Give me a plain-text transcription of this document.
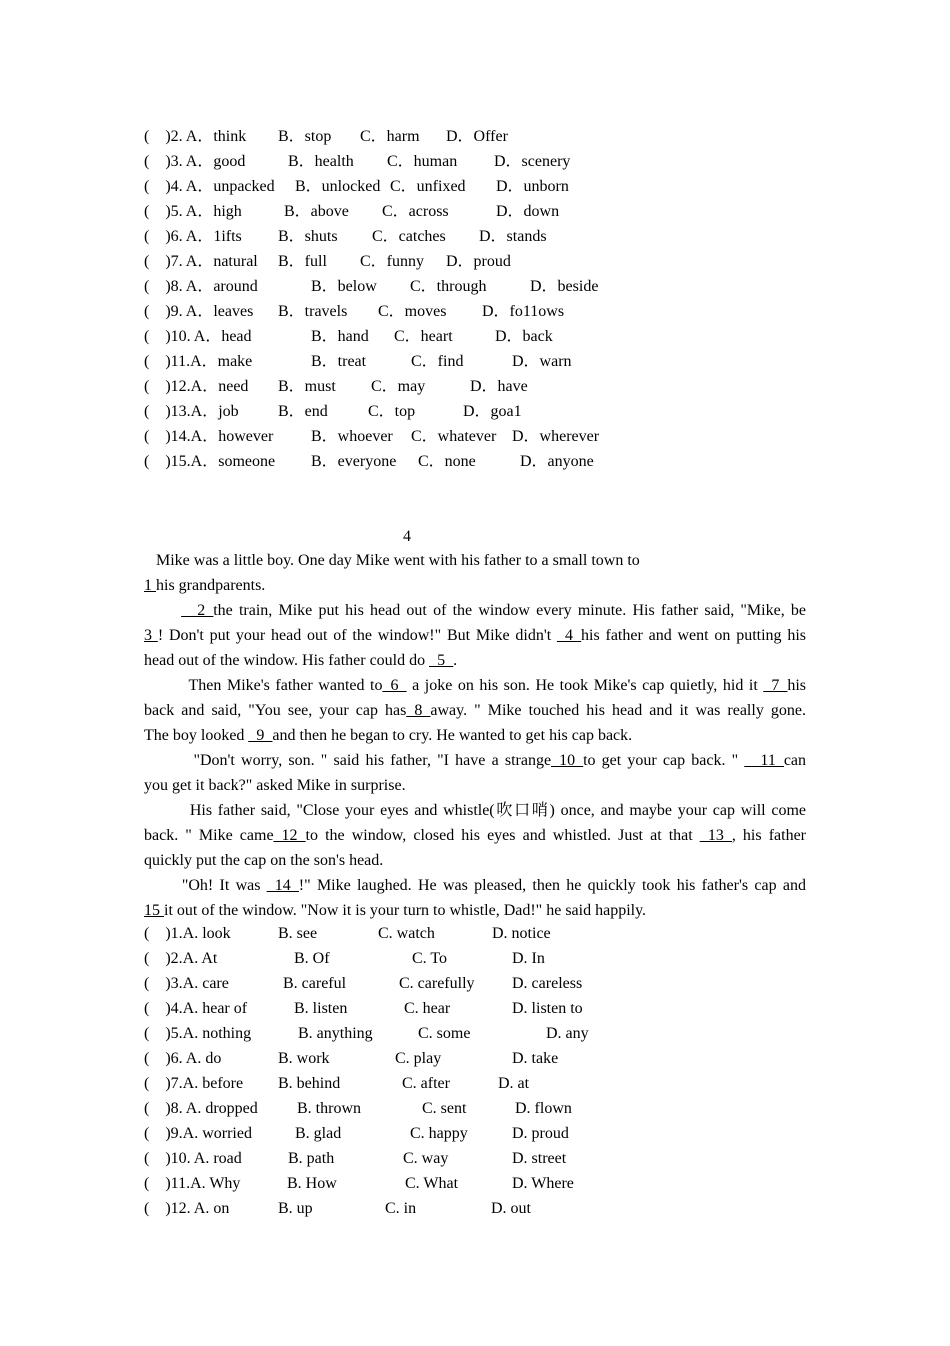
(    )2. A．think

B．stop

C．harm

D．Offer

(    )3. A．good

	B．health

C．human

D．scenery

(    )4. A．unpacked

B．unlocked

C．unfixed

D．unborn

(    )5. A．high

	B．above

C．across

	D．down

(    )6. A．1ifts

B．shuts

C．catches

D．stands

(    )7. A．natural

B．full

C．funny

D．proud

(    )8. A．around

	B．below

C．through

	D．beside

(    )9. A．leaves

B．travels

C．moves

D．fo11ows

(    )10. A．head

	B．hand

C．heart

	D．back

(    )11.A．make

	B．treat

	C．find

	D．warn

(    )12.A．need

B．must

C．may

	D．have

(    )13.A．job

B．end

	C．top

	D．goa1

(    )14.A．however

B．whoever

C．whatever

D．wherever

(    )15.A．someone

B．everyone

C．none

	D．anyone

4
Mike was a little boy. One day Mike went with his father to a small town to
1 his grandparents.
__2_the train, Mike put his head out of the window every minute. His father said, "Mike, be
3 ! Don't put your head out of the window!" But Mike didn't _4_his father and went on putting his
head out of the window. His father could do _5_.
Then Mike's father wanted to_6_ a joke on his son. He took Mike's cap quietly, hid it _7_his
back and said, "You see, your cap has_8_away. " Mike touched his head and it was really gone.
The boy looked _9_and then he began to cry. He wanted to get his cap back.
"Don't worry, son. " said his father, "I have a strange_10_to get your cap back. " __11_can
you get it back?" asked Mike in surprise.
His father said, "Close your eyes and whistle(吹口哨) once, and maybe your cap will come
back. " Mike came_12_to the window, closed his eyes and whistled. Just at that _13_, his father
quickly put the cap on the son's head.
"Oh! It was _14_!" Mike laughed. He was pleased, then he quickly took his father's cap and
15 it out of the window. "Now it is your turn to whistle, Dad!" he said happily.

(    )1.A. look

	B. see

	C. watch

	D. notice

(    )2.A. At

	B. Of

	C. To

	D. In

(    )3.A. care

	B. careful

	C. carefully

D. careless

(    )4.A. hear of

	B. listen

	C. hear

	D. listen to

(    )5.A. nothing

	B. anything

	C. some

	D. any

(    )6. A. do

	B. work

	C. play

	D. take

(    )7.A. before

B. behind

	C. after

	D. at

(    )8. A. dropped

B. thrown

	C. sent

	D. flown

(    )9.A. worried

	B. glad

	C. happy

	D. proud

(    )10. A. road

	B. path

	C. way

	D. street

(    )11.A. Why

	B. How

	C. What

	D. Where

(    )12. A. on

	B. up

	C. in

	D. out
